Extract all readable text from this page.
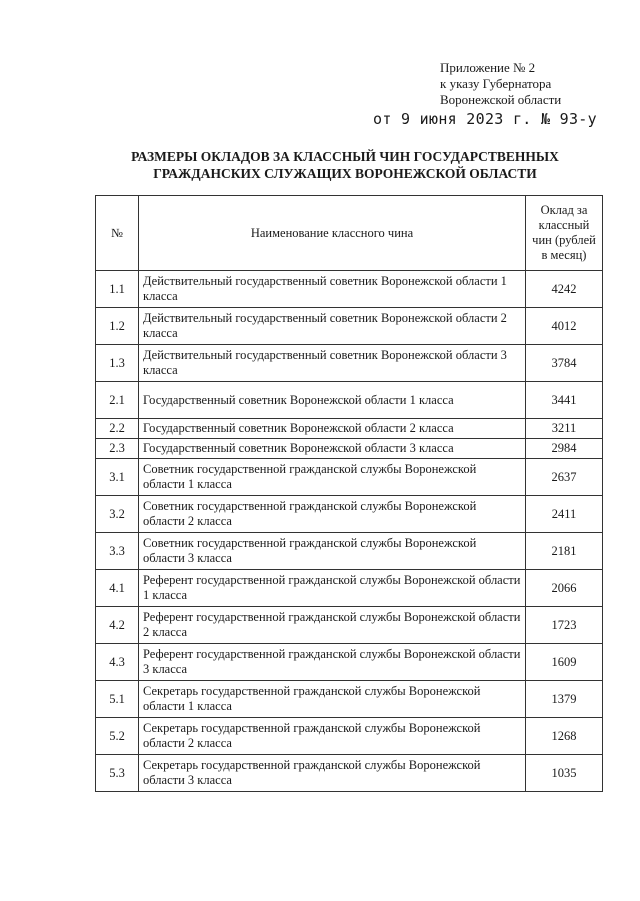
Приложение № 2
к указу Губернатора
Воронежской области
от 9 июня 2023 г. № 93-у
РАЗМЕРЫ ОКЛАДОВ ЗА КЛАССНЫЙ ЧИН ГОСУДАРСТВЕННЫХ
ГРАЖДАНСКИХ СЛУЖАЩИХ ВОРОНЕЖСКОЙ ОБЛАСТИ
№	Наименование классного чина	Оклад за классный чин (рублей в месяц)
1.1	Действительный государственный советник Воронежской области 1 класса	4242
1.2	Действительный государственный советник Воронежской области 2 класса	4012
1.3	Действительный государственный советник Воронежской области 3 класса	3784
2.1	Государственный советник Воронежской области 1 класса	3441
2.2	Государственный советник Воронежской области 2 класса	3211
2.3	Государственный советник Воронежской области 3 класса	2984
3.1	Советник государственной гражданской службы Воронежской области 1 класса	2637
3.2	Советник государственной гражданской службы Воронежской области 2 класса	2411
3.3	Советник государственной гражданской службы Воронежской области 3 класса	2181
4.1	Референт государственной гражданской службы Воронежской области 1 класса	2066
4.2	Референт государственной гражданской службы Воронежской области 2 класса	1723
4.3	Референт государственной гражданской службы Воронежской области 3 класса	1609
5.1	Секретарь государственной гражданской службы Воронежской области 1 класса	1379
5.2	Секретарь государственной гражданской службы Воронежской области 2 класса	1268
5.3	Секретарь государственной гражданской службы Воронежской области 3 класса	1035
